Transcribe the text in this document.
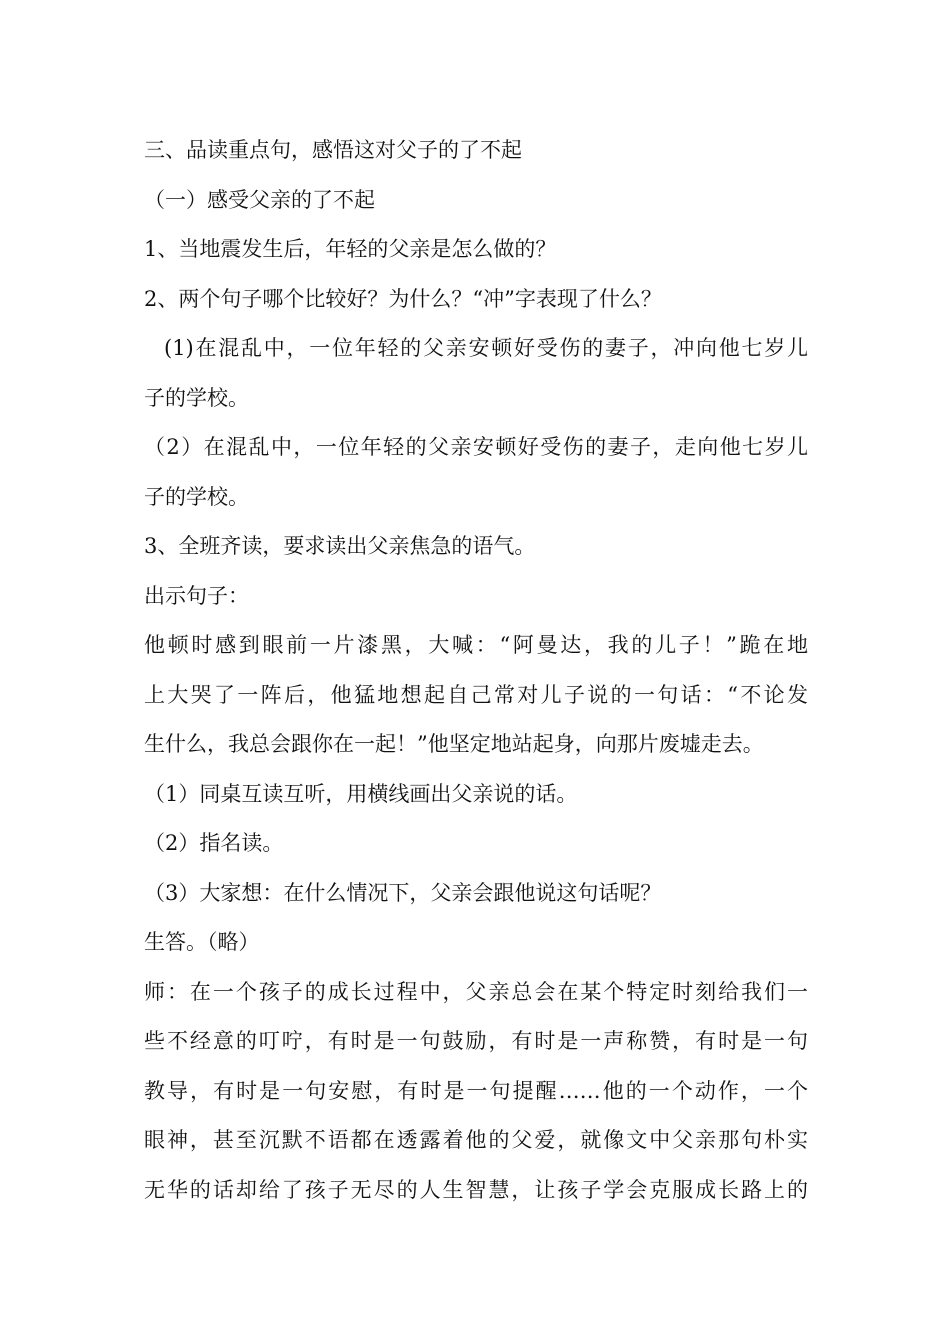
三、品读重点句，感悟这对父子的了不起
（一）感受父亲的了不起
1、当地震发生后，年轻的父亲是怎么做的？
2、两个句子哪个比较好？为什么？“冲”字表现了什么？
(1)在混乱中，一位年轻的父亲安顿好受伤的妻子，冲向他七岁儿
子的学校。
（2）在混乱中，一位年轻的父亲安顿好受伤的妻子，走向他七岁儿
子的学校。
3、全班齐读，要求读出父亲焦急的语气。
出示句子：
他顿时感到眼前一片漆黑，大喊：“阿曼达，我的儿子！”跪在地
上大哭了一阵后，他猛地想起自己常对儿子说的一句话：“不论发
生什么，我总会跟你在一起！”他坚定地站起身，向那片废墟走去。
（1）同桌互读互听，用横线画出父亲说的话。
（2）指名读。
（3）大家想：在什么情况下，父亲会跟他说这句话呢？
生答。（略）
师：在一个孩子的成长过程中，父亲总会在某个特定时刻给我们一
些不经意的叮咛，有时是一句鼓励，有时是一声称赞，有时是一句
教导，有时是一句安慰，有时是一句提醒……他的一个动作，一个
眼神，甚至沉默不语都在透露着他的父爱，就像文中父亲那句朴实
无华的话却给了孩子无尽的人生智慧，让孩子学会克服成长路上的
